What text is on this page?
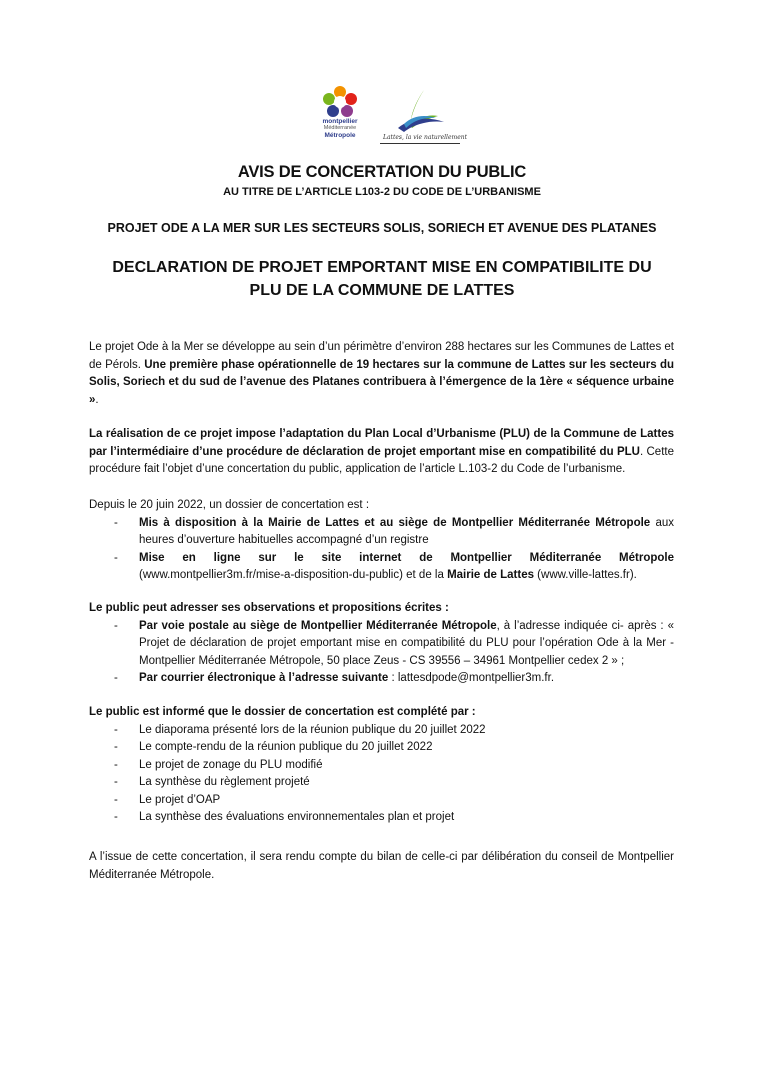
montpellier
Méditerranée
Métropole	Lattes, la vie naturellement
AVIS DE CONCERTATION DU PUBLIC
AU TITRE DE L’ARTICLE L103-2 DU CODE DE L’URBANISME
PROJET ODE A LA MER SUR LES SECTEURS SOLIS, SORIECH ET AVENUE DES PLATANES
DECLARATION DE PROJET EMPORTANT MISE EN COMPATIBILITE DU
PLU DE LA COMMUNE DE LATTES

Le projet Ode à la Mer se développe au sein d’un périmètre d’environ 288 hectares sur les Communes de Lattes et de Pérols. Une première phase opérationnelle de 19 hectares sur la commune de Lattes sur les secteurs du Solis, Soriech et du sud de l’avenue des Platanes contribuera à l’émergence de la 1ère « séquence urbaine ».

La réalisation de ce projet impose l’adaptation du Plan Local d’Urbanisme (PLU) de la Commune de Lattes par l’intermédiaire d’une procédure de déclaration de projet emportant mise en compatibilité du PLU. Cette procédure fait l’objet d’une concertation du public, application de l’article L.103-2 du Code de l’urbanisme.

Depuis le 20 juin 2022, un dossier de concertation est :

- Mis à disposition à la Mairie de Lattes et au siège de Montpellier Méditerranée Métropole aux heures d’ouverture habituelles accompagné d’un registre
- Mise en ligne sur le site internet de Montpellier Méditerranée Métropole (www.montpellier3m.fr/mise-a-disposition-du-public) et de la Mairie de Lattes (www.ville-lattes.fr).

Le public peut adresser ses observations et propositions écrites :

- Par voie postale au siège de Montpellier Méditerranée Métropole, à l’adresse indiquée ci- après : « Projet de déclaration de projet emportant mise en compatibilité du PLU pour l’opération Ode à la Mer - Montpellier Méditerranée Métropole, 50 place Zeus - CS 39556 – 34961 Montpellier cedex 2 » ;
- Par courrier électronique à l’adresse suivante : lattesdpode@montpellier3m.fr.

Le public est informé que le dossier de concertation est complété par :

- Le diaporama présenté lors de la réunion publique du 20 juillet 2022
- Le compte-rendu de la réunion publique du 20 juillet 2022
- Le projet de zonage du PLU modifié
- La synthèse du règlement projeté
- Le projet d’OAP
- La synthèse des évaluations environnementales plan et projet

A l’issue de cette concertation, il sera rendu compte du bilan de celle-ci par délibération du conseil de Montpellier Méditerranée Métropole.
